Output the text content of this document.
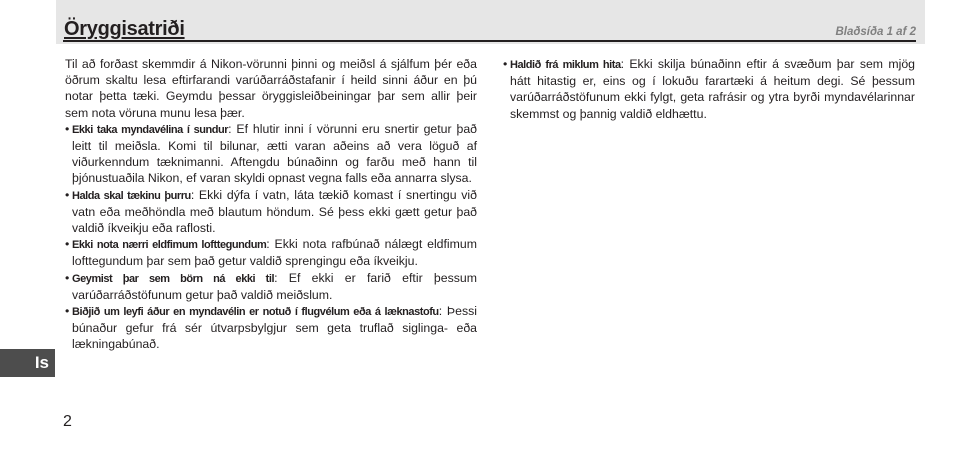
Öryggisatriði	Blaðsíða 1 af 2

Til að forðast skemmdir á Nikon-vörunni þinni og meiðsl á sjálfum þér eða öðrum skaltu lesa eftirfarandi varúðarráðstafanir í heild sinni áður en þú notar þetta tæki. Geymdu þessar öryggisleiðbeiningar þar sem allir þeir sem nota vöruna munu lesa þær.

• Ekki taka myndavélina í sundur: Ef hlutir inni í vörunni eru snertir getur það leitt til meiðsla. Komi til bilunar, ætti varan aðeins að vera löguð af viðurkenndum tæknimanni. Aftengdu búnaðinn og farðu með hann til þjónustuaðila Nikon, ef varan skyldi opnast vegna falls eða annarra slysa.
• Halda skal tækinu þurru: Ekki dýfa í vatn, láta tækið komast í snertingu við vatn eða meðhöndla með blautum höndum. Sé þess ekki gætt getur það valdið íkveikju eða raflosti.
• Ekki nota nærri eldfimum lofttegundum: Ekki nota rafbúnað nálægt eldfimum lofttegundum þar sem það getur valdið sprengingu eða íkveikju.
• Geymist þar sem börn ná ekki til: Ef ekki er farið eftir þessum varúðarráðstöfunum getur það valdið meiðslum.
• Biðjið um leyfi áður en myndavélin er notuð í flugvélum eða á læknastofu: Þessi búnaður gefur frá sér útvarpsbylgjur sem geta truflað siglinga- eða lækningabúnað.
• Haldið frá miklum hita: Ekki skilja búnaðinn eftir á svæðum þar sem mjög hátt hitastig er, eins og í lokuðu farartæki á heitum degi. Sé þessum varúðarráðstöfunum ekki fylgt, geta rafrásir og ytra byrði myndavélarinnar skemmst og þannig valdið eldhættu.
Is
2
